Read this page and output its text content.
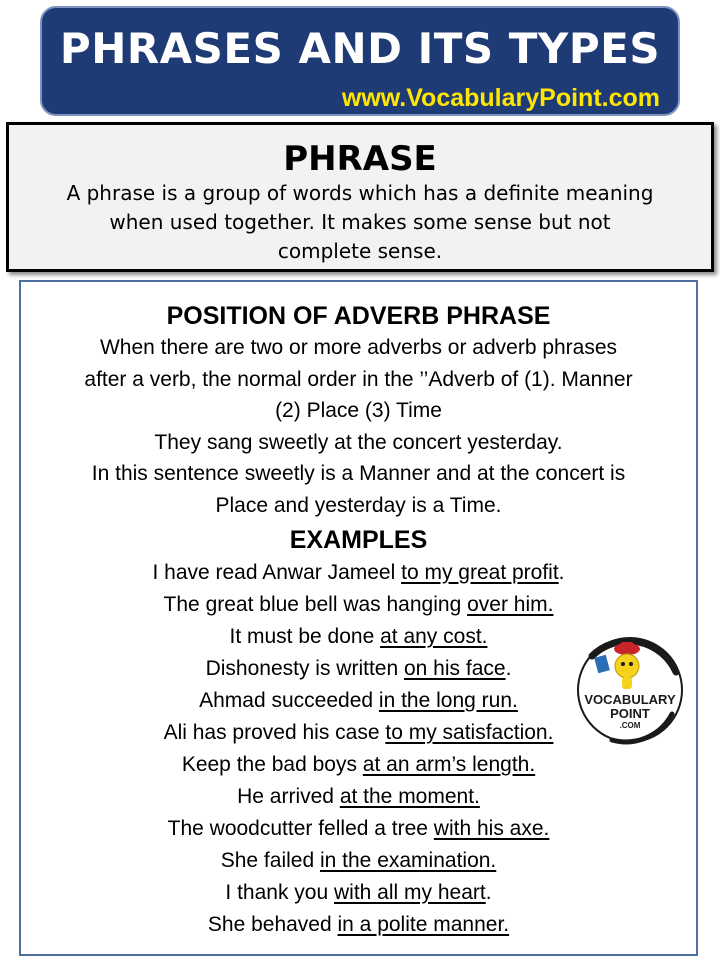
PHRASES AND ITS TYPES
www.VocabularyPoint.com
PHRASE
A phrase is a group of words which has a definite meaning
when used together. It makes some sense but not
complete sense.
POSITION OF ADVERB PHRASE
When there are two or more adverbs or adverb phrases
after a verb, the normal order in the ’’Adverb of (1). Manner
(2) Place (3) Time
They sang sweetly at the concert yesterday.
In this sentence sweetly is a Manner and at the concert is
Place and yesterday is a Time.
EXAMPLES
I have read Anwar Jameel to my great profit.
The great blue bell was hanging over him.
It must be done at any cost.
Dishonesty is written on his face.
Ahmad succeeded in the long run.
Ali has proved his case to my satisfaction.
Keep the bad boys at an arm’s length.
He arrived at the moment.
The woodcutter felled a tree with his axe.
She failed in the examination.
I thank you with all my heart.
She behaved in a polite manner.
VOCABULARY
POINT
.COM
